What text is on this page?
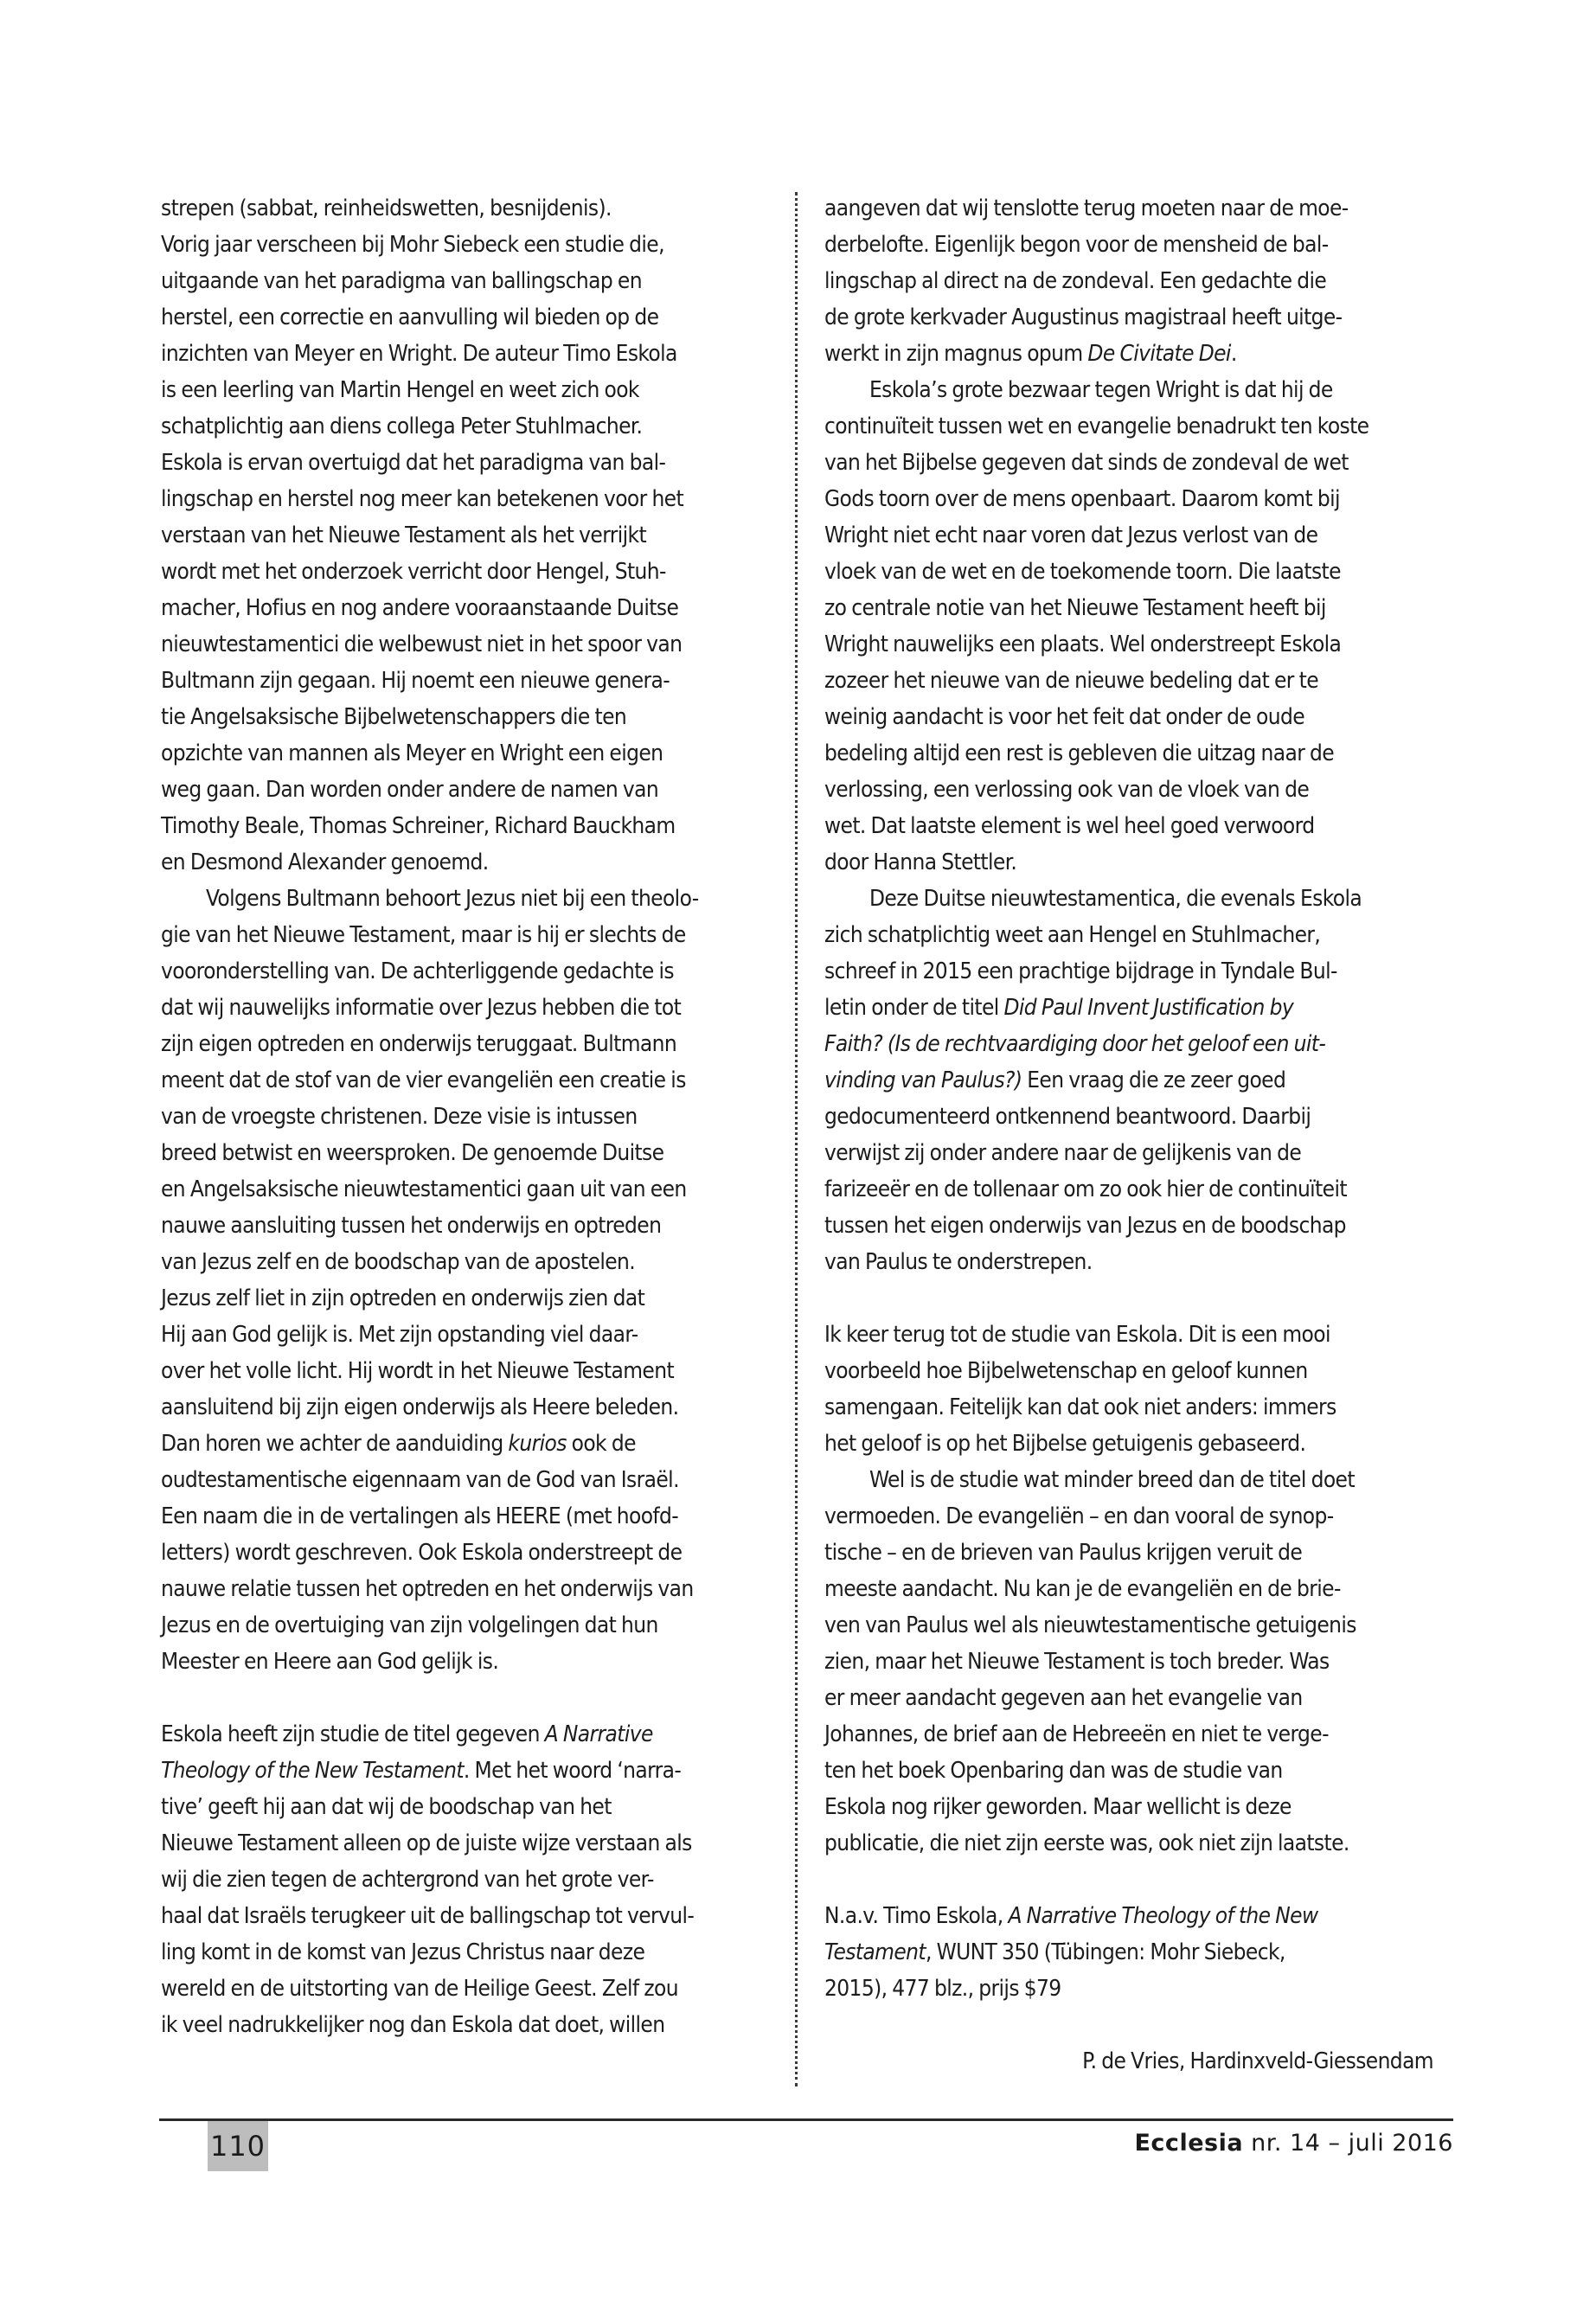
strepen (sabbat, reinheidswetten, besnijdenis).
Vorig jaar verscheen bij Mohr Siebeck een studie die,
uitgaande van het paradigma van ballingschap en
herstel, een correctie en aanvulling wil bieden op de
inzichten van Meyer en Wright. De auteur Timo Eskola
is een leerling van Martin Hengel en weet zich ook
schatplichtig aan diens collega Peter Stuhlmacher.
Eskola is ervan overtuigd dat het paradigma van bal-
lingschap en herstel nog meer kan betekenen voor het
verstaan van het Nieuwe Testament als het verrijkt
wordt met het onderzoek verricht door Hengel, Stuh-
macher, Hofius en nog andere vooraanstaande Duitse
nieuwtestamentici die welbewust niet in het spoor van
Bultmann zijn gegaan. Hij noemt een nieuwe genera-
tie Angelsaksische Bijbelwetenschappers die ten
opzichte van mannen als Meyer en Wright een eigen
weg gaan. Dan worden onder andere de namen van
Timothy Beale, Thomas Schreiner, Richard Bauckham
en Desmond Alexander genoemd.
Volgens Bultmann behoort Jezus niet bij een theolo-
gie van het Nieuwe Testament, maar is hij er slechts de
vooronderstelling van. De achterliggende gedachte is
dat wij nauwelijks informatie over Jezus hebben die tot
zijn eigen optreden en onderwijs teruggaat. Bultmann
meent dat de stof van de vier evangeliën een creatie is
van de vroegste christenen. Deze visie is intussen
breed betwist en weersproken. De genoemde Duitse
en Angelsaksische nieuwtestamentici gaan uit van een
nauwe aansluiting tussen het onderwijs en optreden
van Jezus zelf en de boodschap van de apostelen.
Jezus zelf liet in zijn optreden en onderwijs zien dat
Hij aan God gelijk is. Met zijn opstanding viel daar-
over het volle licht. Hij wordt in het Nieuwe Testament
aansluitend bij zijn eigen onderwijs als Heere beleden.
Dan horen we achter de aanduiding kurios ook de
oudtestamentische eigennaam van de God van Israël.
Een naam die in de vertalingen als HEERE (met hoofd-
letters) wordt geschreven. Ook Eskola onderstreept de
nauwe relatie tussen het optreden en het onderwijs van
Jezus en de overtuiging van zijn volgelingen dat hun
Meester en Heere aan God gelijk is.
Eskola heeft zijn studie de titel gegeven A Narrative
Theology of the New Testament. Met het woord ‘narra-
tive’ geeft hij aan dat wij de boodschap van het
Nieuwe Testament alleen op de juiste wijze verstaan als
wij die zien tegen de achtergrond van het grote ver-
haal dat Israëls terugkeer uit de ballingschap tot vervul-
ling komt in de komst van Jezus Christus naar deze
wereld en de uitstorting van de Heilige Geest. Zelf zou
ik veel nadrukkelijker nog dan Eskola dat doet, willen
aangeven dat wij tenslotte terug moeten naar de moe-
derbelofte. Eigenlijk begon voor de mensheid de bal-
lingschap al direct na de zondeval. Een gedachte die
de grote kerkvader Augustinus magistraal heeft uitge-
werkt in zijn magnus opum De Civitate Dei.
Eskola’s grote bezwaar tegen Wright is dat hij de
continuïteit tussen wet en evangelie benadrukt ten koste
van het Bijbelse gegeven dat sinds de zondeval de wet
Gods toorn over de mens openbaart. Daarom komt bij
Wright niet echt naar voren dat Jezus verlost van de
vloek van de wet en de toekomende toorn. Die laatste
zo centrale notie van het Nieuwe Testament heeft bij
Wright nauwelijks een plaats. Wel onderstreept Eskola
zozeer het nieuwe van de nieuwe bedeling dat er te
weinig aandacht is voor het feit dat onder de oude
bedeling altijd een rest is gebleven die uitzag naar de
verlossing, een verlossing ook van de vloek van de
wet. Dat laatste element is wel heel goed verwoord
door Hanna Stettler.
Deze Duitse nieuwtestamentica, die evenals Eskola
zich schatplichtig weet aan Hengel en Stuhlmacher,
schreef in 2015 een prachtige bijdrage in Tyndale Bul-
letin onder de titel Did Paul Invent Justification by
Faith? (Is de rechtvaardiging door het geloof een uit-
vinding van Paulus?) Een vraag die ze zeer goed
gedocumenteerd ontkennend beantwoord. Daarbij
verwijst zij onder andere naar de gelijkenis van de
farizeeër en de tollenaar om zo ook hier de continuïteit
tussen het eigen onderwijs van Jezus en de boodschap
van Paulus te onderstrepen.
Ik keer terug tot de studie van Eskola. Dit is een mooi
voorbeeld hoe Bijbelwetenschap en geloof kunnen
samengaan. Feitelijk kan dat ook niet anders: immers
het geloof is op het Bijbelse getuigenis gebaseerd.
Wel is de studie wat minder breed dan de titel doet
vermoeden. De evangeliën – en dan vooral de synop-
tische – en de brieven van Paulus krijgen veruit de
meeste aandacht. Nu kan je de evangeliën en de brie-
ven van Paulus wel als nieuwtestamentische getuigenis
zien, maar het Nieuwe Testament is toch breder. Was
er meer aandacht gegeven aan het evangelie van
Johannes, de brief aan de Hebreeën en niet te verge-
ten het boek Openbaring dan was de studie van
Eskola nog rijker geworden. Maar wellicht is deze
publicatie, die niet zijn eerste was, ook niet zijn laatste.
N.a.v. Timo Eskola, A Narrative Theology of the New
Testament, WUNT 350 (Tübingen: Mohr Siebeck,
2015), 477 blz., prijs $79
P. de Vries, Hardinxveld-Giessendam
110	Ecclesia nr. 14 – juli 2016
